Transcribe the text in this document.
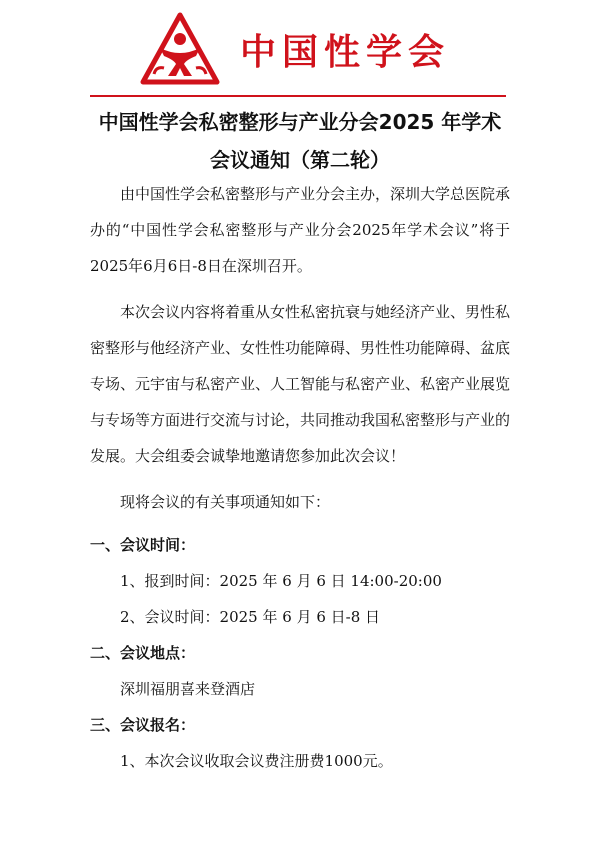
中国性学会
中国性学会私密整形与产业分会2025 年学术
会议通知（第二轮）

由中国性学会私密整形与产业分会主办，深圳大学总医院承办的“中国性学会私密整形与产业分会2025年学术会议”将于2025年6月6日-8日在深圳召开。

本次会议内容将着重从女性私密抗衰与她经济产业、男性私密整形与他经济产业、女性性功能障碍、男性性功能障碍、盆底专场、元宇宙与私密产业、人工智能与私密产业、私密产业展览与专场等方面进行交流与讨论，共同推动我国私密整形与产业的发展。大会组委会诚挚地邀请您参加此次会议！

现将会议的有关事项通知如下：

一、会议时间：
1、报到时间：2025 年 6 月 6 日 14:00-20:00
2、会议时间：2025 年 6 月 6 日-8 日
二、会议地点：
深圳福朋喜来登酒店
三、会议报名：
1、本次会议收取会议费注册费1000元。
